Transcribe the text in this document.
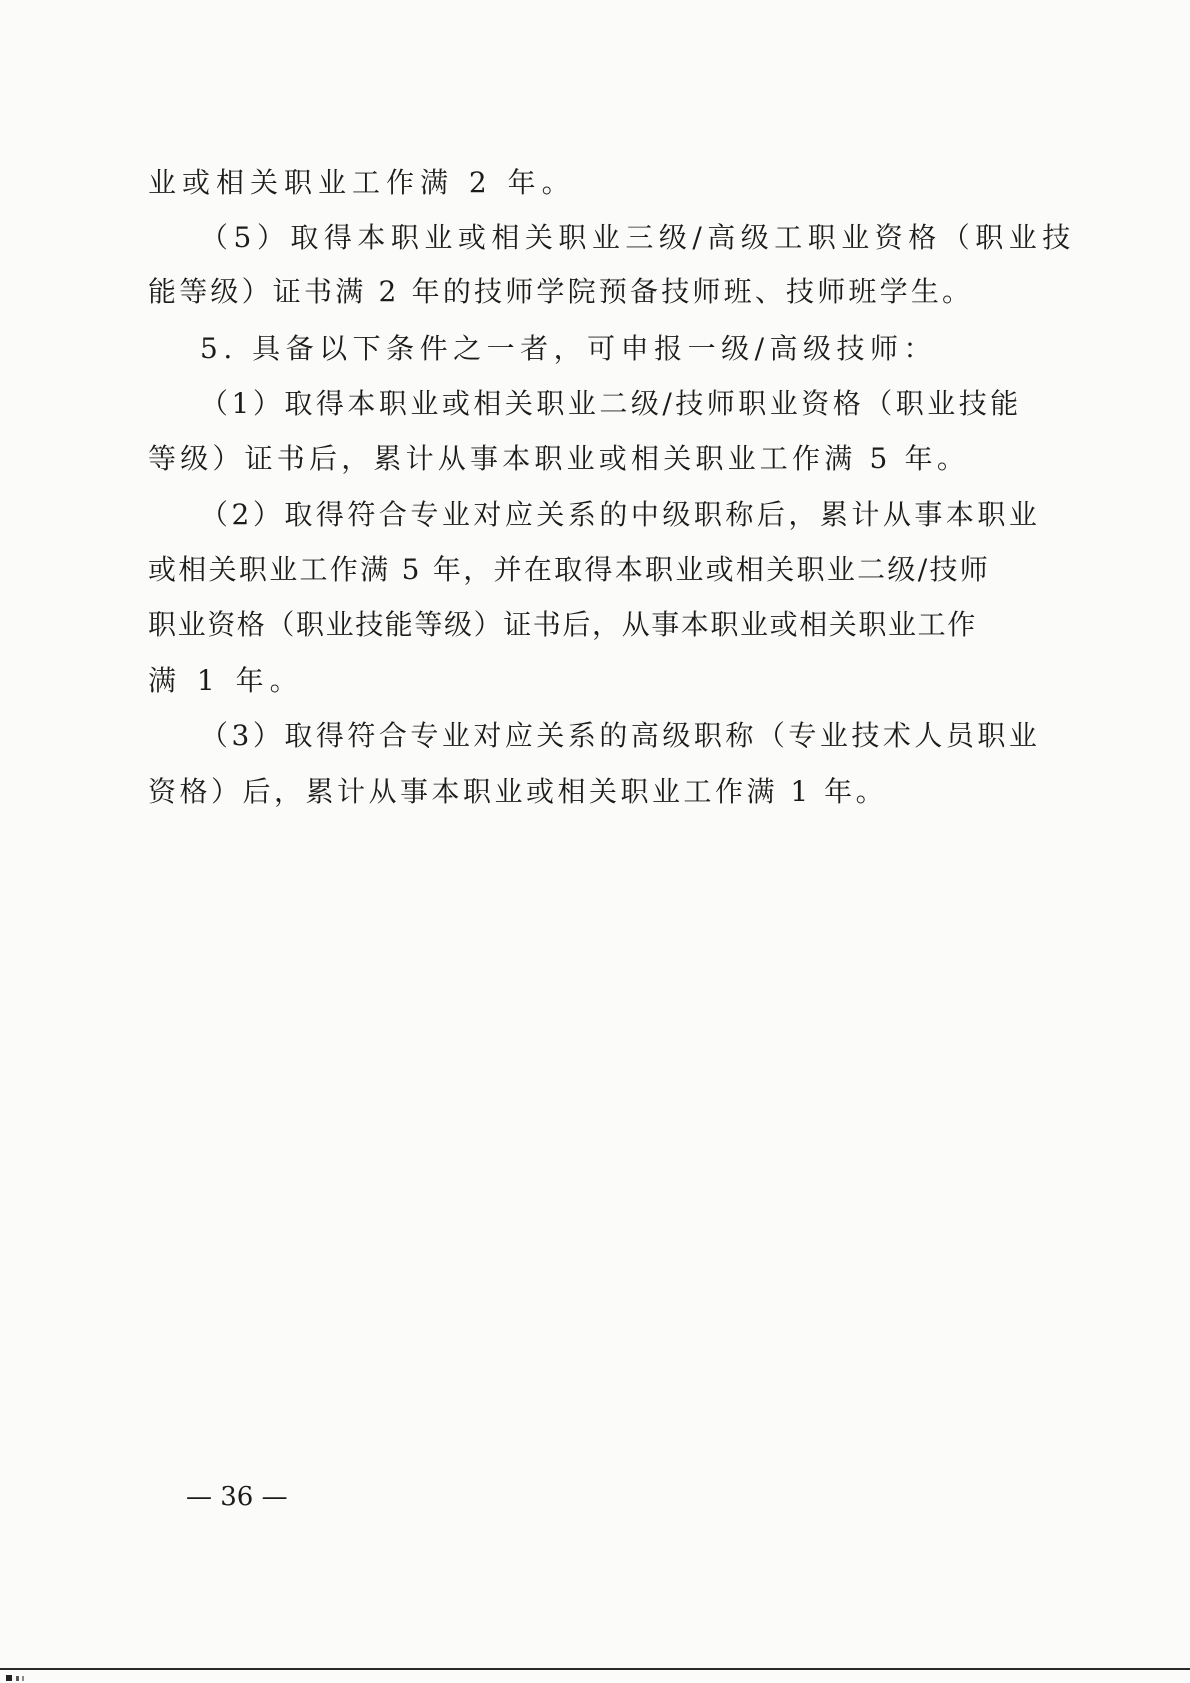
业或相关职业工作满 2 年。
（5）取得本职业或相关职业三级/高级工职业资格（职业技
能等级）证书满 2 年的技师学院预备技师班、技师班学生。
5. 具备以下条件之一者，可申报一级/高级技师：
（1）取得本职业或相关职业二级/技师职业资格（职业技能
等级）证书后，累计从事本职业或相关职业工作满 5 年。
（2）取得符合专业对应关系的中级职称后，累计从事本职业
或相关职业工作满 5 年，并在取得本职业或相关职业二级/技师
职业资格（职业技能等级）证书后，从事本职业或相关职业工作
满 1 年。
（3）取得符合专业对应关系的高级职称（专业技术人员职业
资格）后，累计从事本职业或相关职业工作满 1 年。
— 36 —
